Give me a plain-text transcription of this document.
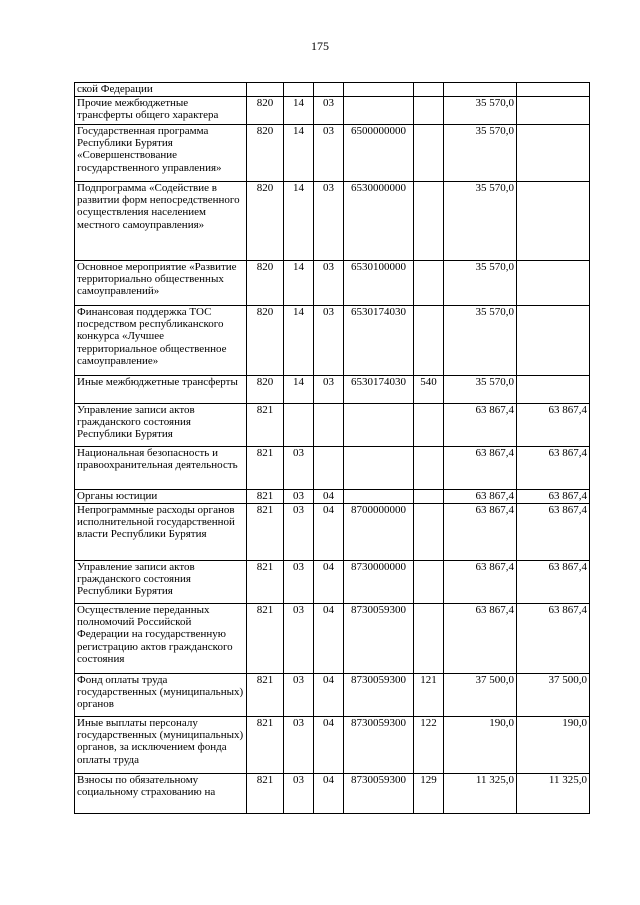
175
ской Федерации							
Прочие межбюджетные трансферты общего характера	820	14	03			35 570,0	
Государственная программа Республики Бурятия «Совершенствование государственного управления»	820	14	03	6500000000		35 570,0	
Подпрограмма «Содействие в развитии форм непосредственного осуществления населением местного самоуправления»	820	14	03	6530000000		35 570,0	
Основное мероприятие «Развитие территориально общественных самоуправлений»	820	14	03	6530100000		35 570,0	
Финансовая поддержка ТОС посредством республиканского конкурса «Лучшее территориальное общественное самоуправление»	820	14	03	6530174030		35 570,0	
Иные межбюджетные трансферты	820	14	03	6530174030	540	35 570,0	
Управление записи актов гражданского состояния Республики Бурятия	821					63 867,4	63 867,4
Национальная безопасность и правоохранительная деятельность	821	03				63 867,4	63 867,4
Органы юстиции	821	03	04			63 867,4	63 867,4
Непрограммные расходы органов исполнительной государственной власти Республики Бурятия	821	03	04	8700000000		63 867,4	63 867,4
Управление записи актов гражданского состояния Республики Бурятия	821	03	04	8730000000		63 867,4	63 867,4
Осуществление переданных полномочий Российской Федерации на государственную регистрацию актов гражданского состояния	821	03	04	8730059300		63 867,4	63 867,4
Фонд оплаты труда государственных (муниципальных) органов	821	03	04	8730059300	121	37 500,0	37 500,0
Иные выплаты персоналу государственных (муниципальных) органов, за исключением фонда оплаты труда	821	03	04	8730059300	122	190,0	190,0
Взносы по обязательному социальному страхованию на	821	03	04	8730059300	129	11 325,0	11 325,0
